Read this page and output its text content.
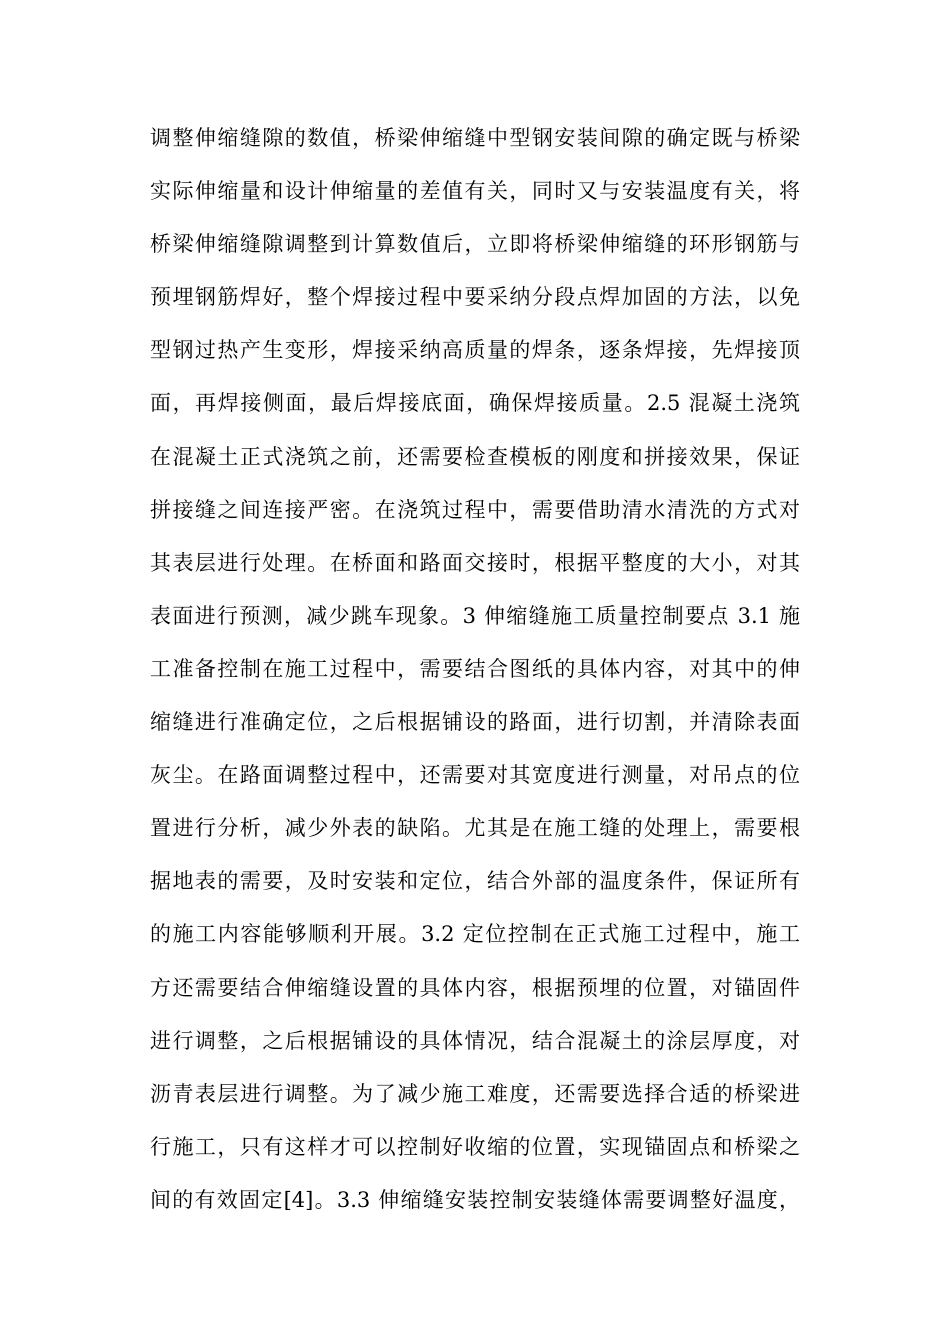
调整伸缩缝隙的数值，桥梁伸缩缝中型钢安装间隙的确定既与桥梁
实际伸缩量和设计伸缩量的差值有关，同时又与安装温度有关，将
桥梁伸缩缝隙调整到计算数值后，立即将桥梁伸缩缝的环形钢筋与
预埋钢筋焊好，整个焊接过程中要采纳分段点焊加固的方法，以免
型钢过热产生变形，焊接采纳高质量的焊条，逐条焊接，先焊接顶
面，再焊接侧面，最后焊接底面，确保焊接质量。2.5 混凝土浇筑
在混凝土正式浇筑之前，还需要检查模板的刚度和拼接效果，保证
拼接缝之间连接严密。在浇筑过程中，需要借助清水清洗的方式对
其表层进行处理。在桥面和路面交接时，根据平整度的大小，对其
表面进行预测，减少跳车现象。3 伸缩缝施工质量控制要点 3.1 施
工准备控制在施工过程中，需要结合图纸的具体内容，对其中的伸
缩缝进行准确定位，之后根据铺设的路面，进行切割，并清除表面
灰尘。在路面调整过程中，还需要对其宽度进行测量，对吊点的位
置进行分析，减少外表的缺陷。尤其是在施工缝的处理上，需要根
据地表的需要，及时安装和定位，结合外部的温度条件，保证所有
的施工内容能够顺利开展。3.2 定位控制在正式施工过程中，施工
方还需要结合伸缩缝设置的具体内容，根据预埋的位置，对锚固件
进行调整，之后根据铺设的具体情况，结合混凝土的涂层厚度，对
沥青表层进行调整。为了减少施工难度，还需要选择合适的桥梁进
行施工，只有这样才可以控制好收缩的位置，实现锚固点和桥梁之
间的有效固定[4]。3.3 伸缩缝安装控制安装缝体需要调整好温度，
